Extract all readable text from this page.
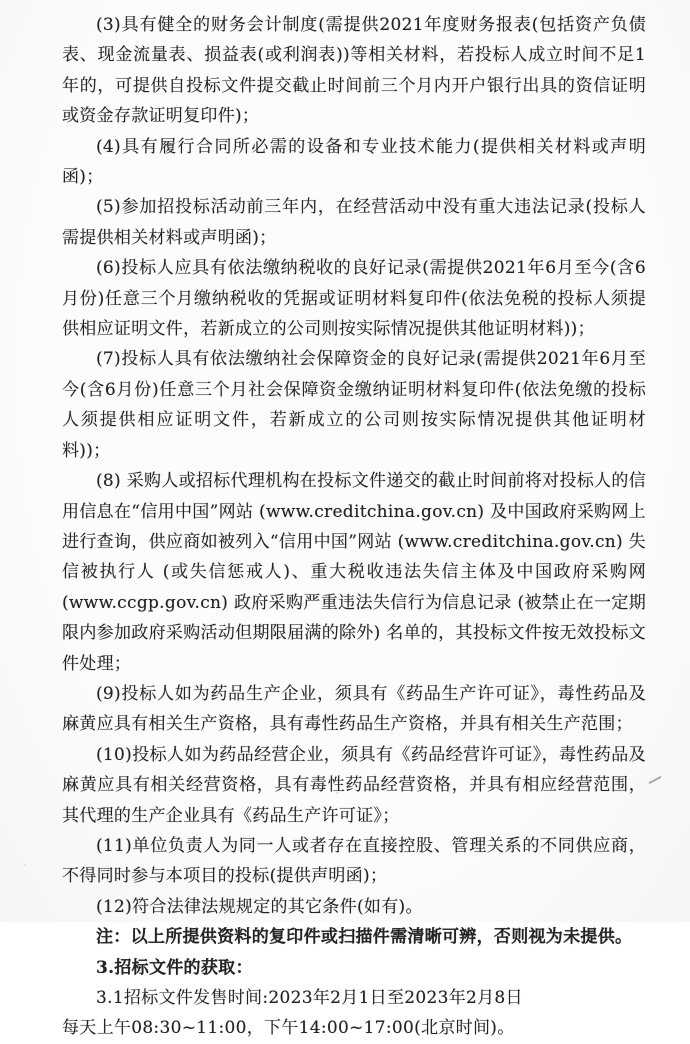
(3)具有健全的财务会计制度(需提供2021年度财务报表(包括资产负债表、现金流量表、损益表(或利润表))等相关材料，若投标人成立时间不足1年的，可提供自投标文件提交截止时间前三个月内开户银行出具的资信证明或资金存款证明复印件)；

(4)具有履行合同所必需的设备和专业技术能力(提供相关材料或声明函)；

(5)参加招投标活动前三年内，在经营活动中没有重大违法记录(投标人需提供相关材料或声明函)；

(6)投标人应具有依法缴纳税收的良好记录(需提供2021年6月至今(含6月份)任意三个月缴纳税收的凭据或证明材料复印件(依法免税的投标人须提供相应证明文件，若新成立的公司则按实际情况提供其他证明材料))；

(7)投标人具有依法缴纳社会保障资金的良好记录(需提供2021年6月至今(含6月份)任意三个月社会保障资金缴纳证明材料复印件(依法免缴的投标人须提供相应证明文件，若新成立的公司则按实际情况提供其他证明材料))；

(8) 采购人或招标代理机构在投标文件递交的截止时间前将对投标人的信用信息在“信用中国”网站 (www.creditchina.gov.cn) 及中国政府采购网上进行查询，供应商如被列入“信用中国”网站 (www.creditchina.gov.cn) 失信被执行人 (或失信惩戒人)、重大税收违法失信主体及中国政府采购网 (www.ccgp.gov.cn) 政府采购严重违法失信行为信息记录 (被禁止在一定期限内参加政府采购活动但期限届满的除外) 名单的，其投标文件按无效投标文件处理；

(9)投标人如为药品生产企业，须具有《药品生产许可证》，毒性药品及麻黄应具有相关生产资格，具有毒性药品生产资格，并具有相关生产范围；

(10)投标人如为药品经营企业，须具有《药品经营许可证》，毒性药品及麻黄应具有相关经营资格，具有毒性药品经营资格，并具有相应经营范围，其代理的生产企业具有《药品生产许可证》；

(11)单位负责人为同一人或者存在直接控股、管理关系的不同供应商，不得同时参与本项目的投标(提供声明函)；

(12)符合法律法规规定的其它条件(如有)。

注：以上所提供资料的复印件或扫描件需清晰可辨，否则视为未提供。

3.招标文件的获取：

3.1招标文件发售时间:2023年2月1日至2023年2月8日

每天上午08:30~11:00，下午14:00~17:00(北京时间)。
